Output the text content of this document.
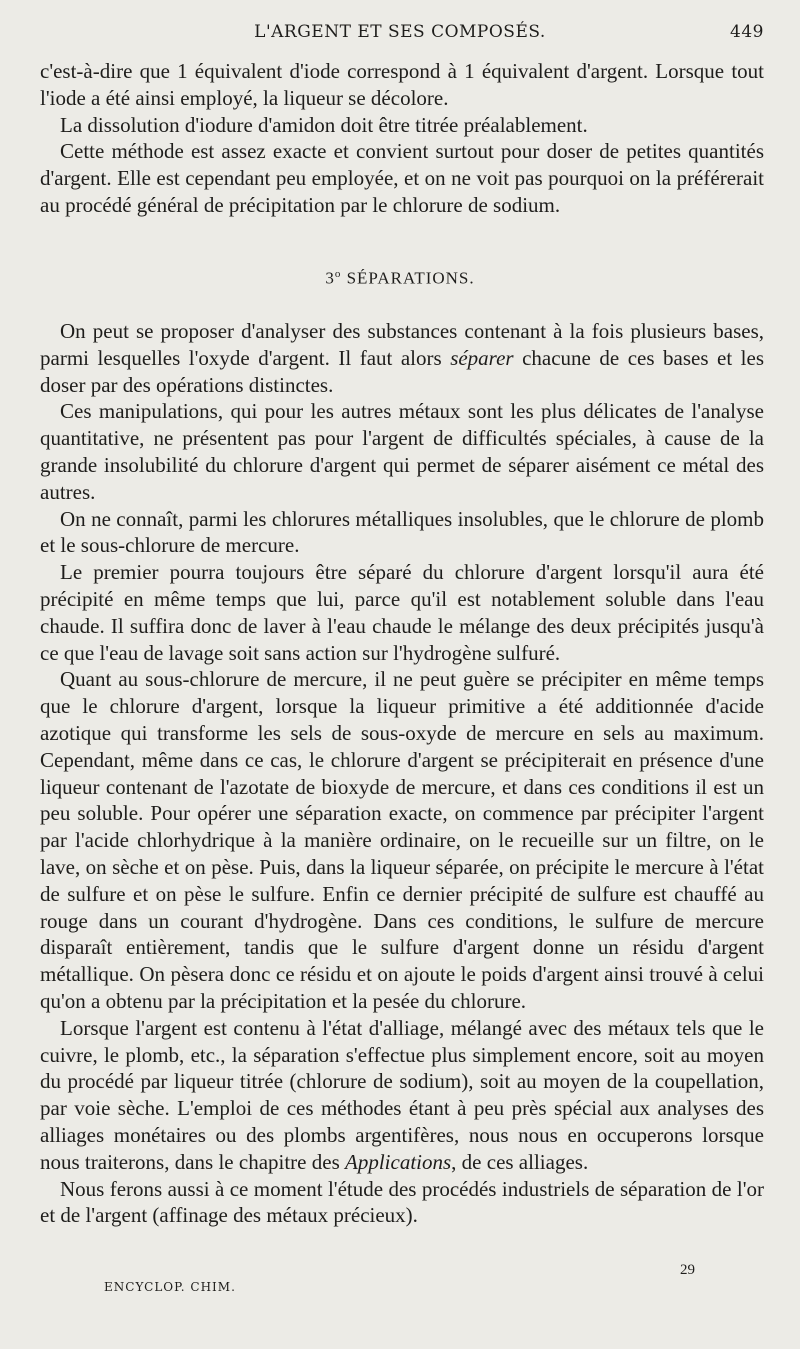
L'ARGENT ET SES COMPOSÉS.	449

c'est-à-dire que 1 équivalent d'iode correspond à 1 équivalent d'argent. Lorsque tout l'iode a été ainsi employé, la liqueur se décolore.

La dissolution d'iodure d'amidon doit être titrée préalablement.

Cette méthode est assez exacte et convient surtout pour doser de petites quantités d'argent. Elle est cependant peu employée, et on ne voit pas pourquoi on la préférerait au procédé général de précipitation par le chlorure de sodium.

3$^o$ SÉPARATIONS.

On peut se proposer d'analyser des substances contenant à la fois plusieurs bases, parmi lesquelles l'oxyde d'argent. Il faut alors séparer chacune de ces bases et les doser par des opérations distinctes.

Ces manipulations, qui pour les autres métaux sont les plus délicates de l'analyse quantitative, ne présentent pas pour l'argent de difficultés spéciales, à cause de la grande insolubilité du chlorure d'argent qui permet de séparer aisément ce métal des autres.

On ne connaît, parmi les chlorures métalliques insolubles, que le chlorure de plomb et le sous-chlorure de mercure.

Le premier pourra toujours être séparé du chlorure d'argent lorsqu'il aura été précipité en même temps que lui, parce qu'il est notablement soluble dans l'eau chaude. Il suffira donc de laver à l'eau chaude le mélange des deux précipités jusqu'à ce que l'eau de lavage soit sans action sur l'hydrogène sulfuré.

Quant au sous-chlorure de mercure, il ne peut guère se précipiter en même temps que le chlorure d'argent, lorsque la liqueur primitive a été additionnée d'acide azotique qui transforme les sels de sous-oxyde de mercure en sels au maximum. Cependant, même dans ce cas, le chlorure d'argent se précipiterait en présence d'une liqueur contenant de l'azotate de bioxyde de mercure, et dans ces conditions il est un peu soluble. Pour opérer une séparation exacte, on commence par précipiter l'argent par l'acide chlorhydrique à la manière ordinaire, on le recueille sur un filtre, on le lave, on sèche et on pèse. Puis, dans la liqueur séparée, on précipite le mercure à l'état de sulfure et on pèse le sulfure. Enfin ce dernier précipité de sulfure est chauffé au rouge dans un courant d'hydrogène. Dans ces conditions, le sulfure de mercure disparaît entièrement, tandis que le sulfure d'argent donne un résidu d'argent métallique. On pèsera donc ce résidu et on ajoute le poids d'argent ainsi trouvé à celui qu'on a obtenu par la précipitation et la pesée du chlorure.

Lorsque l'argent est contenu à l'état d'alliage, mélangé avec des métaux tels que le cuivre, le plomb, etc., la séparation s'effectue plus simplement encore, soit au moyen du procédé par liqueur titrée (chlorure de sodium), soit au moyen de la coupellation, par voie sèche. L'emploi de ces méthodes étant à peu près spécial aux analyses des alliages monétaires ou des plombs argentifères, nous nous en occuperons lorsque nous traiterons, dans le chapitre des Applications, de ces alliages.

Nous ferons aussi à ce moment l'étude des procédés industriels de séparation de l'or et de l'argent (affinage des métaux précieux).

ENCYCLOP. CHIM.
29
